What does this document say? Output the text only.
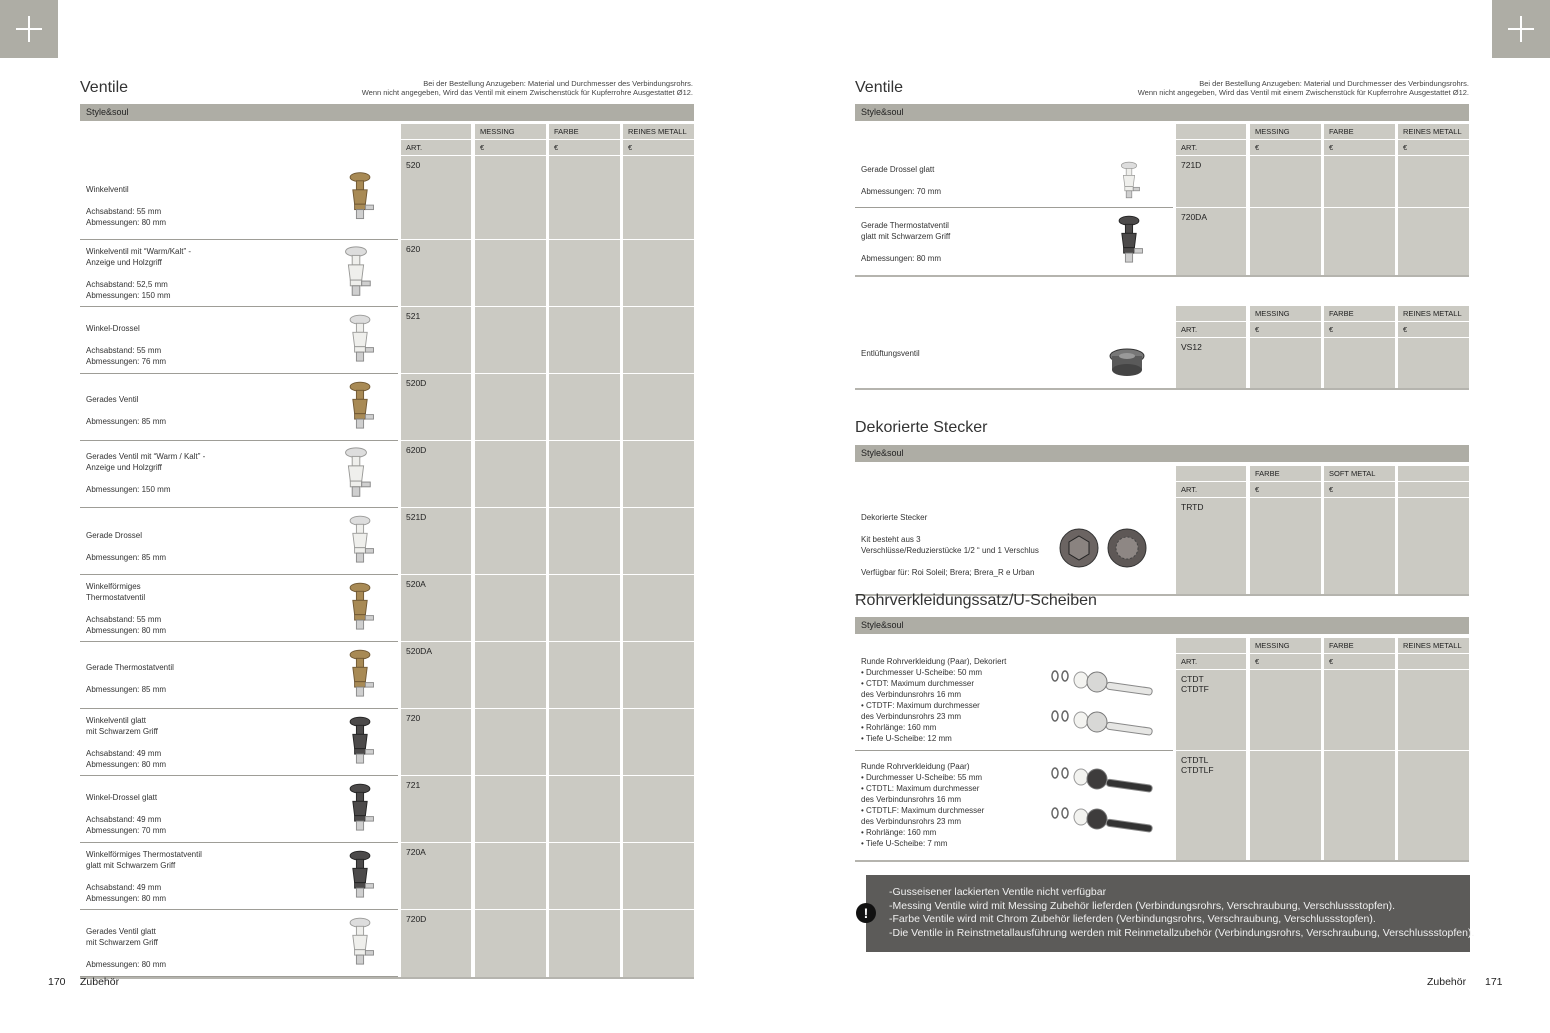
Ventile	Bei der Bestellung Anzugeben: Material und Durchmesser des Verbindungsrohrs.
Wenn nicht angegeben, Wird das Ventil mit einem Zwischenstück für Kupferrohre Ausgestattet Ø12.
Style&soul
ART.
MESSING
€
FARBE
€
REINES METALL
€
Winkelventil

Achsabstand: 55 mm
Abmessungen: 80 mm
520
Winkelventil mit “Warm/Kalt” -
Anzeige und Holzgriff

Achsabstand: 52,5 mm
Abmessungen: 150 mm
620
Winkel-Drossel

Achsabstand: 55 mm
Abmessungen: 76 mm
521
Gerades Ventil

Abmessungen: 85 mm
520D
Gerades Ventil mit “Warm / Kalt” -
Anzeige und Holzgriff

Abmessungen: 150 mm
620D
Gerade Drossel

Abmessungen: 85 mm
521D
Winkelförmiges
Thermostatventil

Achsabstand: 55 mm
Abmessungen: 80 mm
520A
Gerade Thermostatventil

Abmessungen: 85 mm
520DA
Winkelventil glatt
mit Schwarzem Griff

Achsabstand: 49 mm
Abmessungen: 80 mm
720
Winkel-Drossel glatt

Achsabstand: 49 mm
Abmessungen: 70 mm
721
Winkelförmiges Thermostatventil
glatt mit Schwarzem Griff

Achsabstand: 49 mm
Abmessungen: 80 mm
720A
Gerades Ventil glatt
mit Schwarzem Griff

Abmessungen: 80 mm
720D
170 Zubehör
Ventile	Bei der Bestellung Anzugeben: Material und Durchmesser des Verbindungsrohrs.
Wenn nicht angegeben, Wird das Ventil mit einem Zwischenstück für Kupferrohre Ausgestattet Ø12.
Style&soul
ART.
MESSING
€
FARBE
€
REINES METALL
€
Gerade Drossel glatt

Abmessungen: 70 mm
721D
Gerade Thermostatventil
glatt mit Schwarzem Griff

Abmessungen: 80 mm
720DA
ART.
MESSING
€
FARBE
€
REINES METALL
€
Entlüftungsventil
VS12
ART.
FARBE
€
SOFT METAL
€
Dekorierte Stecker

Kit besteht aus 3
Verschlüsse/Reduzierstücke 1/2 “ und 1 Verschlus

Verfügbar für: Roi Soleil; Brera; Brera_R e Urban
TRTD
ART.
MESSING
€
FARBE
€
REINES METALL
Runde Rohrverkleidung (Paar), Dekoriert
• Durchmesser U-Scheibe: 50 mm
• CTDT: Maximum durchmesser
des Verbindunsrohrs 16 mm
• CTDTF: Maximum durchmesser
des Verbindunsrohrs 23 mm
• Rohrlänge: 160 mm
• Tiefe U-Scheibe: 12 mm
CTDT
CTDTF
Runde Rohrverkleidung (Paar)
• Durchmesser U-Scheibe: 55 mm
• CTDTL: Maximum durchmesser
des Verbindunsrohrs 16 mm
• CTDTLF: Maximum durchmesser
des Verbindunsrohrs 23 mm
• Rohrlänge: 160 mm
• Tiefe U-Scheibe: 7 mm
CTDTL
CTDTLF
Dekorierte Stecker
Style&soul
Rohrverkleidungssatz/U-Scheiben
Style&soul
!
-Gusseisener lackierten Ventile nicht verfügbar
-Messing Ventile wird mit Messing Zubehör lieferden (Verbindungsrohrs, Verschraubung, Verschlussstopfen).
-Farbe Ventile wird mit Chrom Zubehör lieferden (Verbindungsrohrs, Verschraubung, Verschlussstopfen).
-Die Ventile in Reinstmetallausführung werden mit Reinmetallzubehör (Verbindungsrohrs, Verschraubung, Verschlussstopfen).
Zubehör 171
